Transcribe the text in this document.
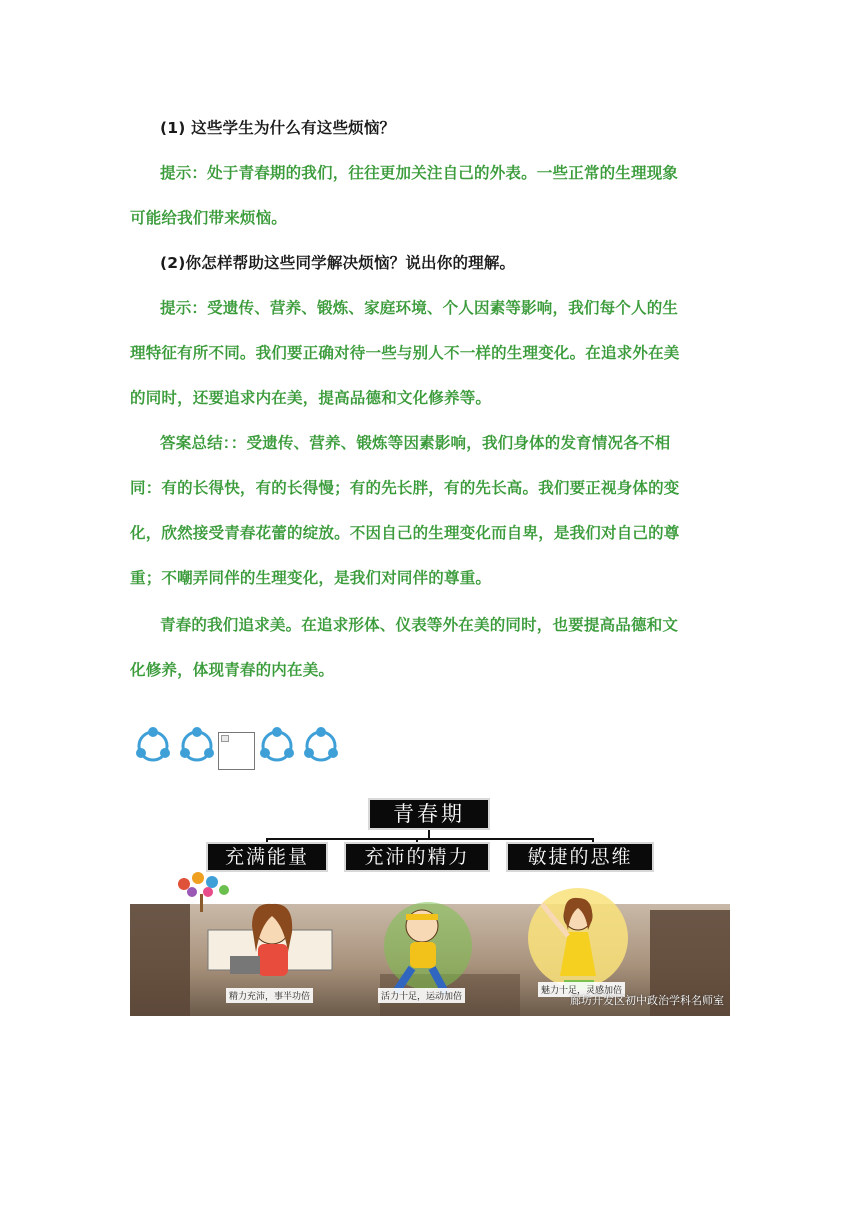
(1) 这些学生为什么有这些烦恼？
提示：处于青春期的我们，往往更加关注自己的外表。一些正常的生理现象
可能给我们带来烦恼。
(2)你怎样帮助这些同学解决烦恼？说出你的理解。
提示：受遗传、营养、锻炼、家庭环境、个人因素等影响，我们每个人的生
理特征有所不同。我们要正确对待一些与别人不一样的生理变化。在追求外在美
的同时，还要追求内在美，提高品德和文化修养等。
答案总结：：受遗传、营养、锻炼等因素影响，我们身体的发育情况各不相
同：有的长得快，有的长得慢；有的先长胖，有的先长高。我们要正视身体的变
化，欣然接受青春花蕾的绽放。不因自己的生理变化而自卑，是我们对自己的尊
重；不嘲弄同伴的生理变化，是我们对同伴的尊重。
青春的我们追求美。在追求形体、仪表等外在美的同时，也要提高品德和文
化修养，体现青春的内在美。
青春期
充满能量	充沛的精力	敏捷的思维
精力充沛，事半功倍	活力十足，运动加倍
魅力十足，灵感加倍
廊坊开发区初中政治学科名师室
